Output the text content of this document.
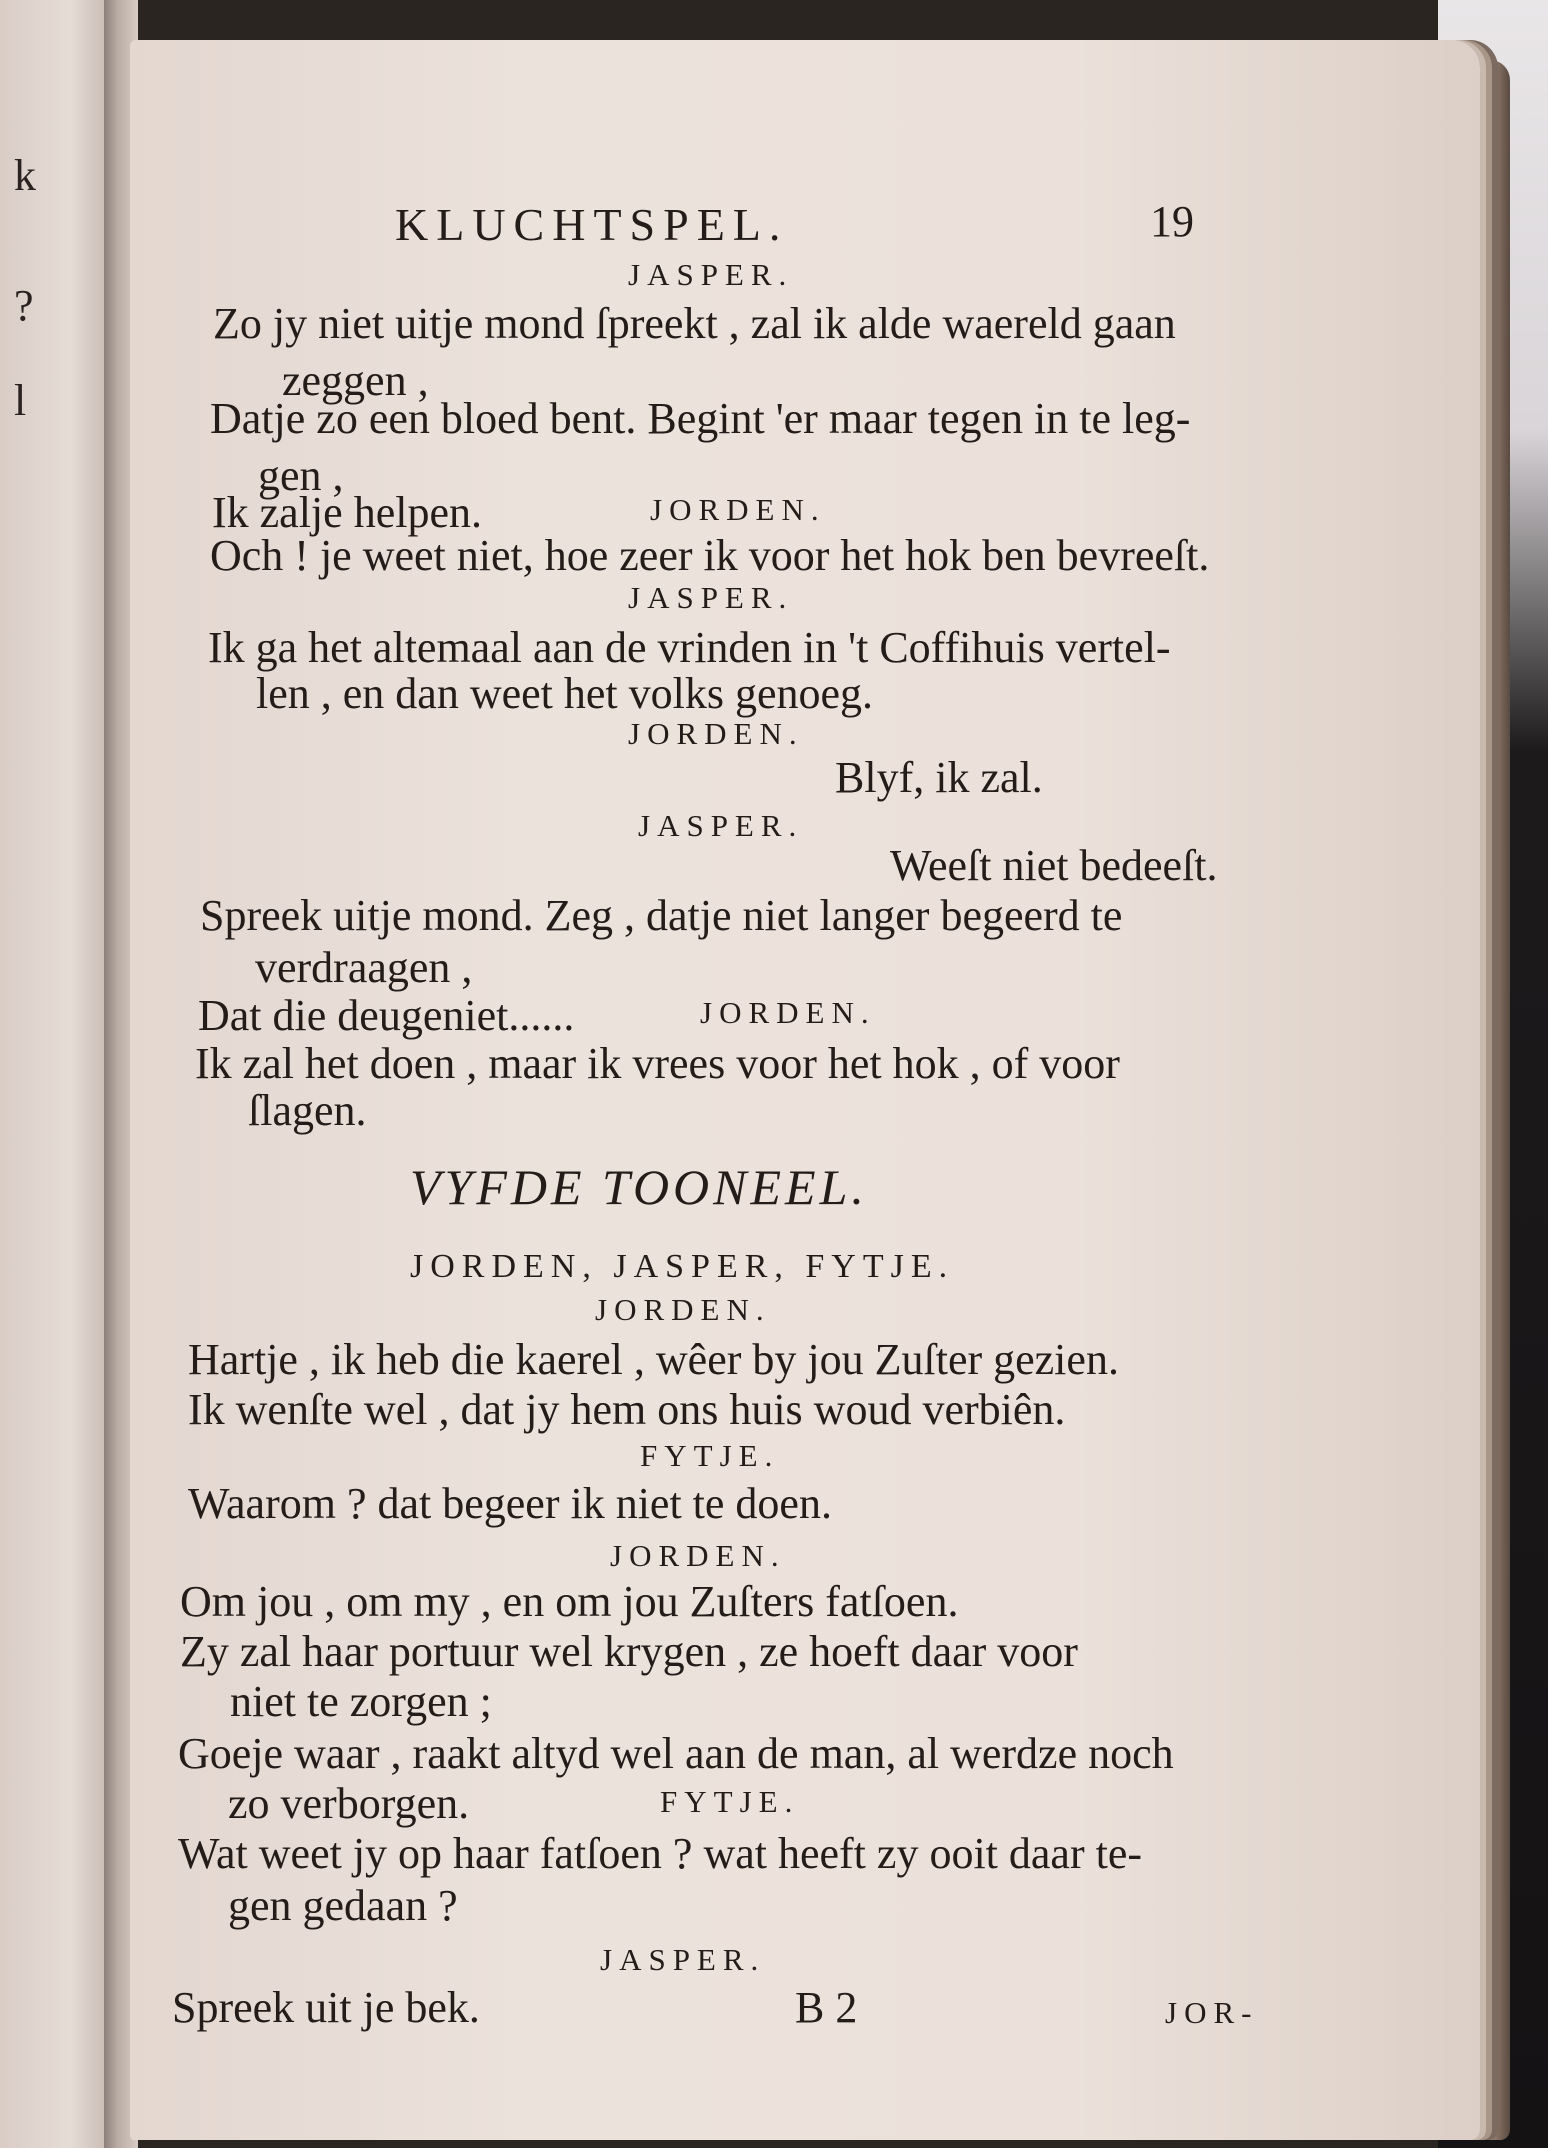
k
?
l
KLUCHTSPEL.	19
JASPER.
Zo jy niet uitje mond ſpreekt , zal ik alde waereld gaan
zeggen ,
Datje zo een bloed bent. Begint 'er maar tegen in te leg-
gen ,
Ik zalje helpen.	JORDEN.
Och ! je weet niet, hoe zeer ik voor het hok ben bevreeſt.
JASPER.
Ik ga het altemaal aan de vrinden in 't Coffihuis vertel-
len , en dan weet het volks genoeg.
JORDEN.
Blyf, ik zal.
JASPER.
Weeſt niet bedeeſt.
Spreek uitje mond. Zeg , datje niet langer begeerd te
verdraagen ,
Dat die deugeniet......	JORDEN.
Ik zal het doen , maar ik vrees voor het hok , of voor
ſlagen.
VYFDE TOONEEL.
JORDEN, JASPER, FYTJE.
JORDEN.
Hartje , ik heb die kaerel , wêer by jou Zuſter gezien.
Ik wenſte wel , dat jy hem ons huis woud verbiên.
FYTJE.
Waarom ? dat begeer ik niet te doen.
JORDEN.
Om jou , om my , en om jou Zuſters fatſoen.
Zy zal haar portuur wel krygen , ze hoeft daar voor
niet te zorgen ;
Goeje waar , raakt altyd wel aan de man, al werdze noch
zo verborgen.	FYTJE.
Wat weet jy op haar fatſoen ? wat heeft zy ooit daar te-
gen gedaan ?
JASPER.
Spreek uit je bek.	B 2	JOR-
